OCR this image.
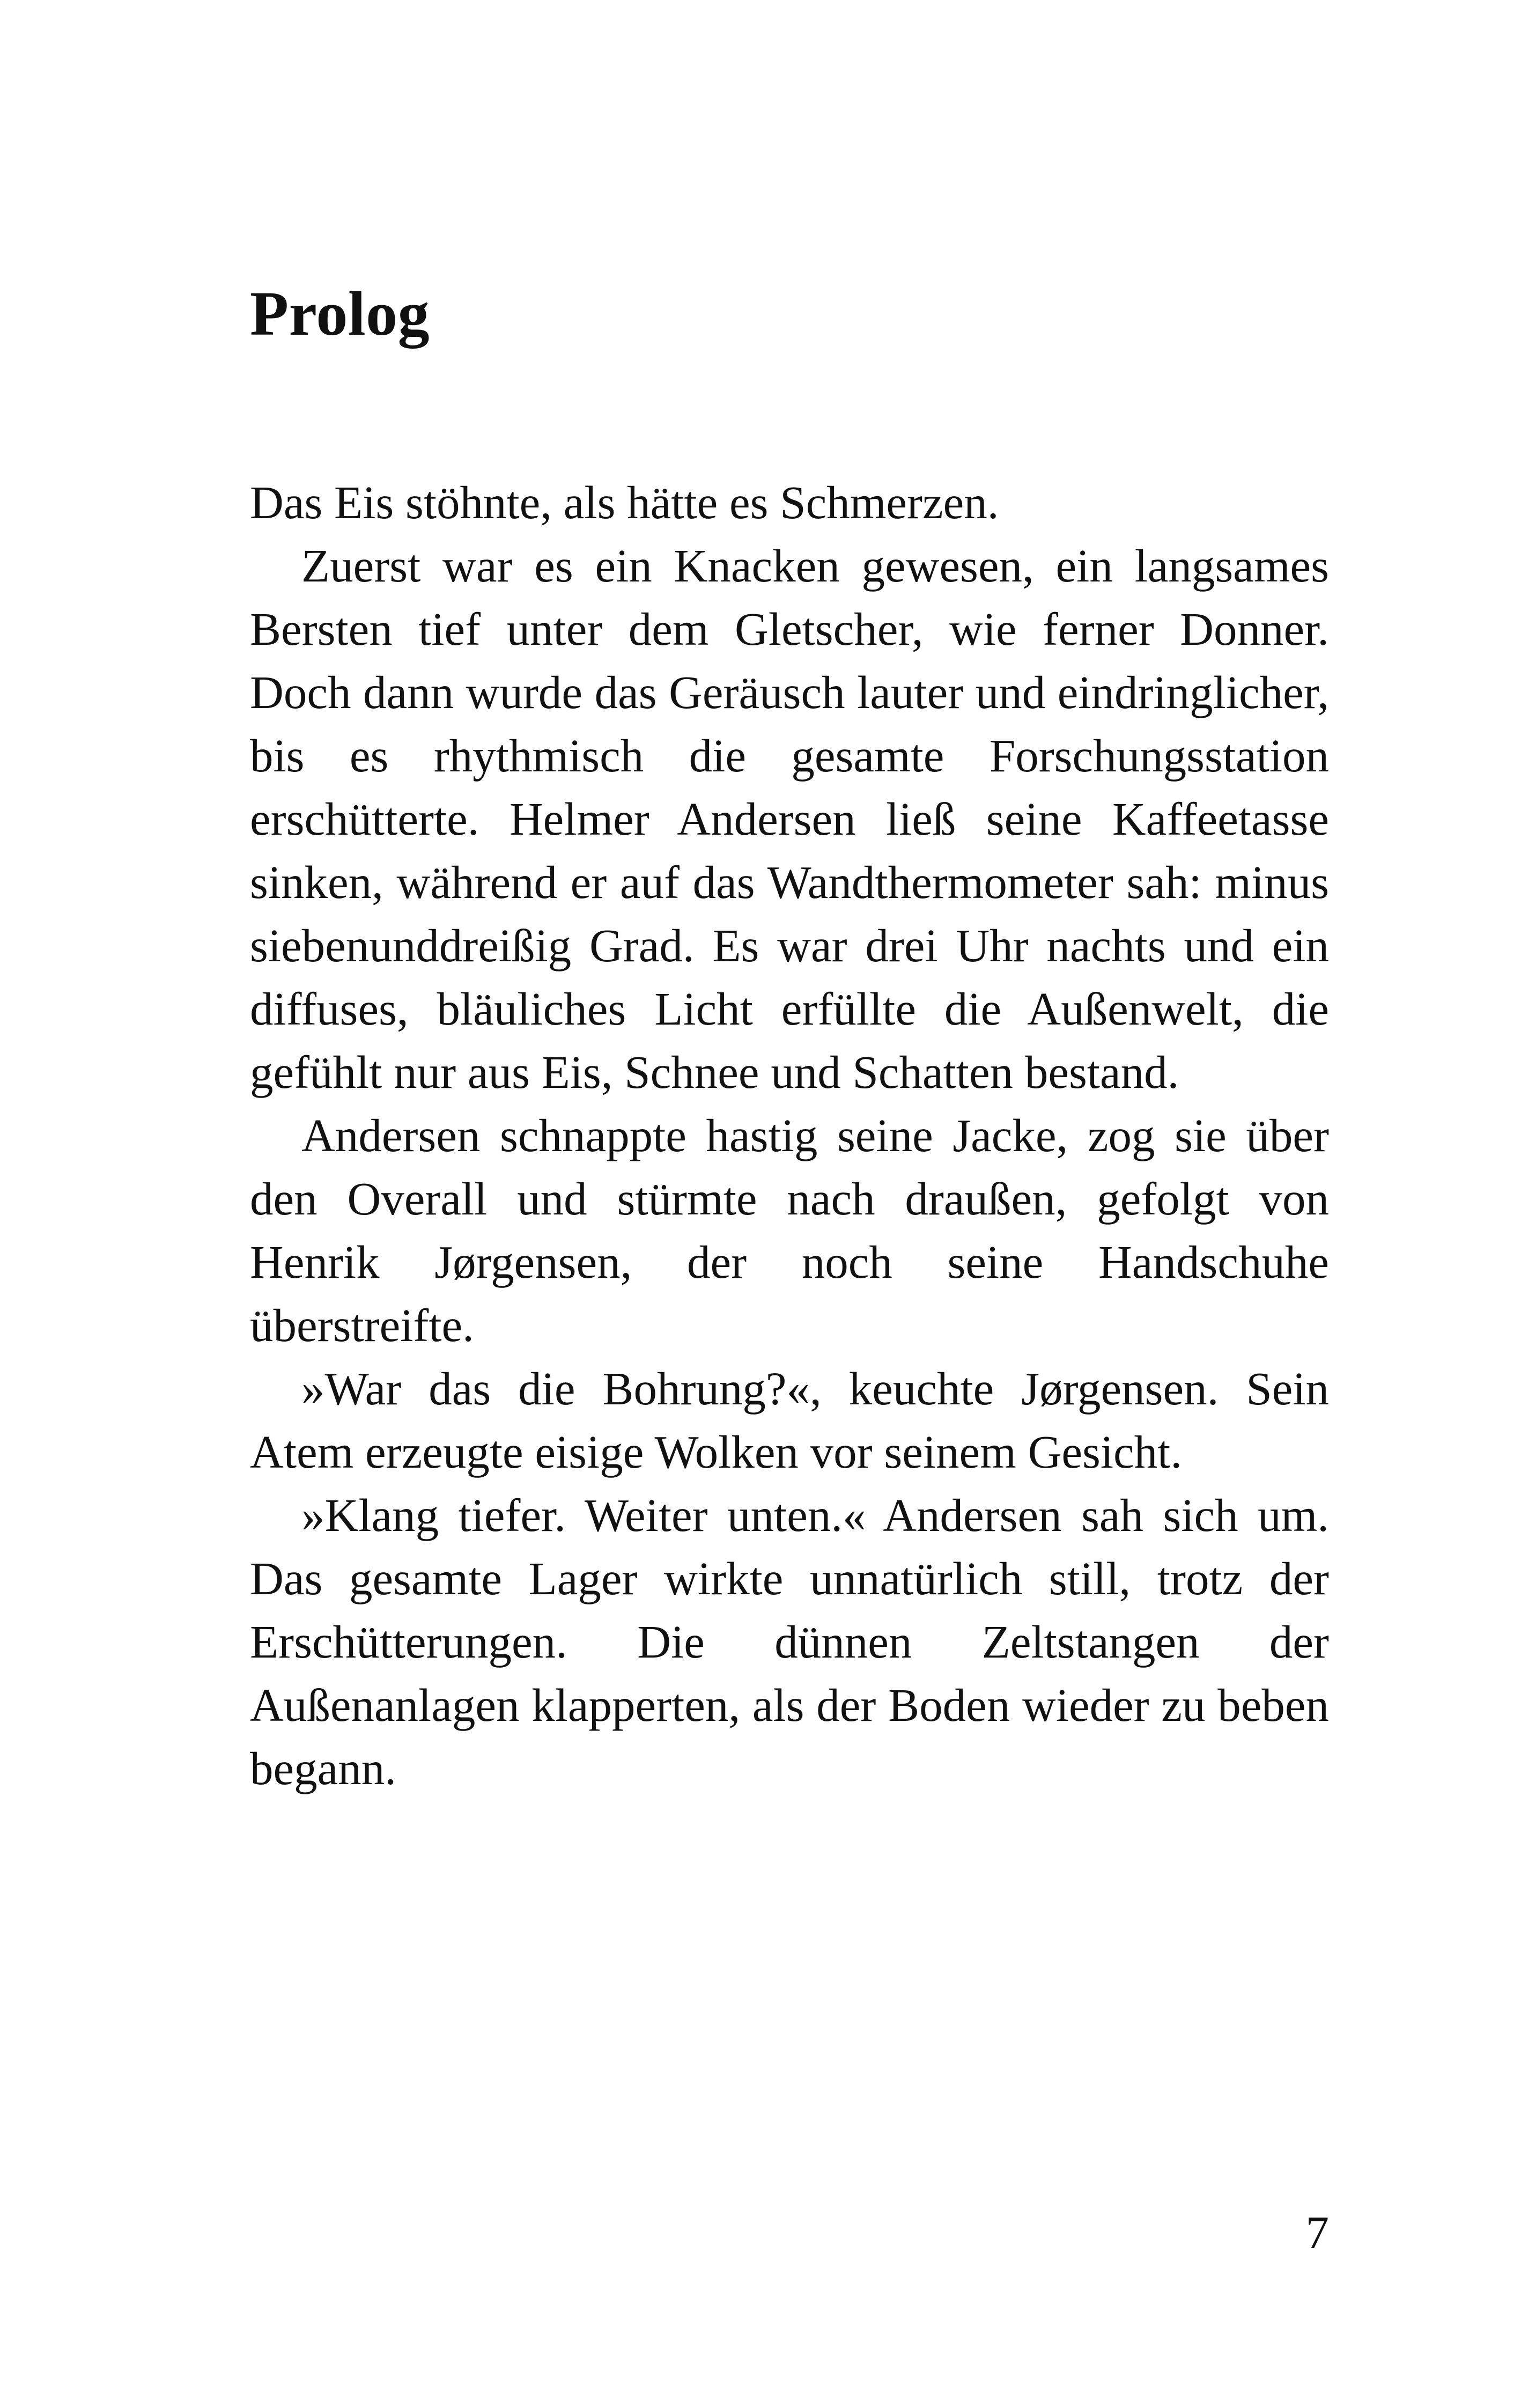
Prolog

Das Eis stöhnte, als hätte es Schmerzen.

Zuerst war es ein Knacken gewesen, ein langsames Bersten tief unter dem Gletscher, wie ferner Donner. Doch dann wurde das Geräusch lauter und eindringlicher, bis es rhythmisch die gesamte Forschungsstation erschütterte. Helmer Andersen ließ seine Kaffeetasse sinken, während er auf das Wandthermometer sah: minus siebenunddreißig Grad. Es war drei Uhr nachts und ein diffuses, bläuliches Licht erfüllte die Außenwelt, die gefühlt nur aus Eis, Schnee und Schatten bestand.

Andersen schnappte hastig seine Jacke, zog sie über den Overall und stürmte nach draußen, gefolgt von Henrik Jørgensen, der noch seine Handschuhe überstreifte.

»War das die Bohrung?«, keuchte Jørgensen. Sein Atem erzeugte eisige Wolken vor seinem Gesicht.

»Klang tiefer. Weiter unten.« Andersen sah sich um. Das gesamte Lager wirkte unnatürlich still, trotz der Erschütterungen. Die dünnen Zeltstangen der Außenanlagen klapperten, als der Boden wieder zu beben begann.

7
